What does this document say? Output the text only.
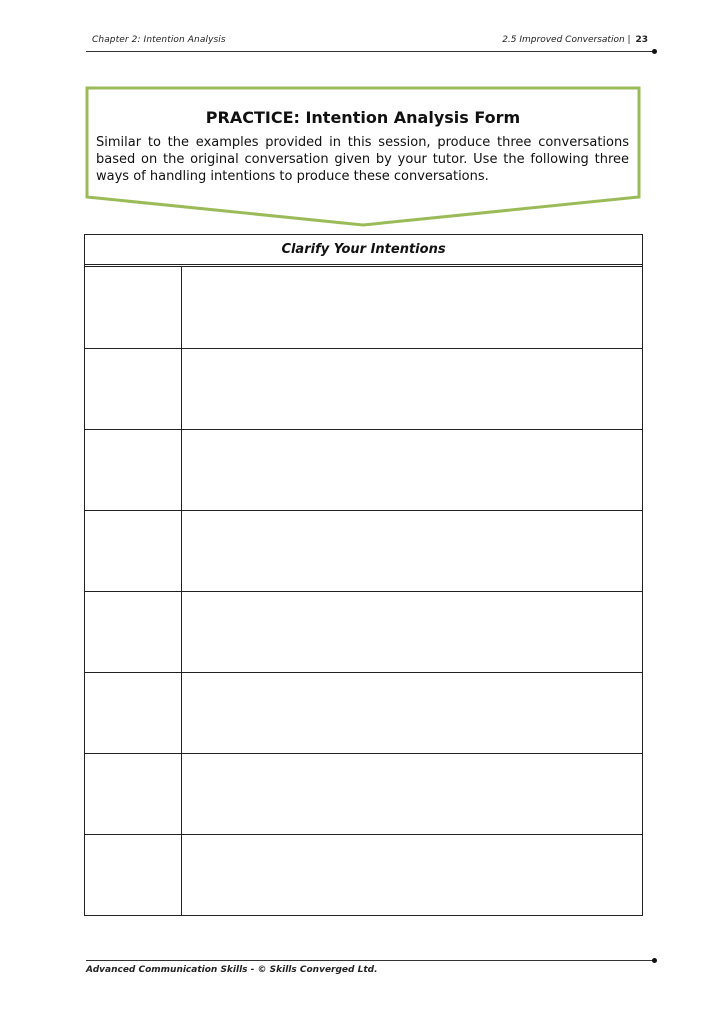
Chapter 2: Intention Analysis	2.5 Improved Conversation | 23
PRACTICE: Intention Analysis Form
Similar to the examples provided in this session, produce three conversations based on the original conversation given by your tutor. Use the following three ways of handling intentions to produce these conversations.
Clarify Your Intentions
Advanced Communication Skills - © Skills Converged Ltd.
